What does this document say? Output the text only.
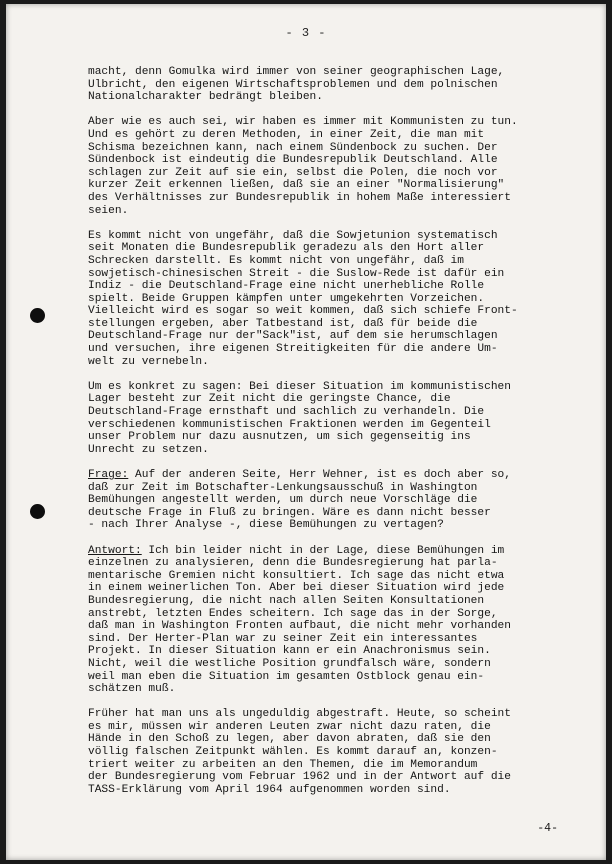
- 3 -
macht, denn Gomulka wird immer von seiner geographischen Lage,
Ulbricht, den eigenen Wirtschaftsproblemen und dem polnischen
Nationalcharakter bedrängt bleiben.
Aber wie es auch sei, wir haben es immer mit Kommunisten zu tun.
Und es gehört zu deren Methoden, in einer Zeit, die man mit
Schisma bezeichnen kann, nach einem Sündenbock zu suchen. Der
Sündenbock ist eindeutig die Bundesrepublik Deutschland. Alle
schlagen zur Zeit auf sie ein, selbst die Polen, die noch vor
kurzer Zeit erkennen ließen, daß sie an einer "Normalisierung"
des Verhältnisses zur Bundesrepublik in hohem Maße interessiert
seien.
Es kommt nicht von ungefähr, daß die Sowjetunion systematisch
seit Monaten die Bundesrepublik geradezu als den Hort aller
Schrecken darstellt. Es kommt nicht von ungefähr, daß im
sowjetisch-chinesischen Streit - die Suslow-Rede ist dafür ein
Indiz - die Deutschland-Frage eine nicht unerhebliche Rolle
spielt. Beide Gruppen kämpfen unter umgekehrten Vorzeichen.
Vielleicht wird es sogar so weit kommen, daß sich schiefe Front-
stellungen ergeben, aber Tatbestand ist, daß für beide die
Deutschland-Frage nur der"Sack"ist, auf dem sie herumschlagen
und versuchen, ihre eigenen Streitigkeiten für die andere Um-
welt zu vernebeln.
Um es konkret zu sagen: Bei dieser Situation im kommunistischen
Lager besteht zur Zeit nicht die geringste Chance, die
Deutschland-Frage ernsthaft und sachlich zu verhandeln. Die
verschiedenen kommunistischen Fraktionen werden im Gegenteil
unser Problem nur dazu ausnutzen, um sich gegenseitig ins
Unrecht zu setzen.
Frage: Auf der anderen Seite, Herr Wehner, ist es doch aber so,
daß zur Zeit im Botschafter-Lenkungsausschuß in Washington
Bemühungen angestellt werden, um durch neue Vorschläge die
deutsche Frage in Fluß zu bringen. Wäre es dann nicht besser
- nach Ihrer Analyse -, diese Bemühungen zu vertagen?
Antwort: Ich bin leider nicht in der Lage, diese Bemühungen im
einzelnen zu analysieren, denn die Bundesregierung hat parla-
mentarische Gremien nicht konsultiert. Ich sage das nicht etwa
in einem weinerlichen Ton. Aber bei dieser Situation wird jede
Bundesregierung, die nicht nach allen Seiten Konsultationen
anstrebt, letzten Endes scheitern. Ich sage das in der Sorge,
daß man in Washington Fronten aufbaut, die nicht mehr vorhanden
sind. Der Herter-Plan war zu seiner Zeit ein interessantes
Projekt. In dieser Situation kann er ein Anachronismus sein.
Nicht, weil die westliche Position grundfalsch wäre, sondern
weil man eben die Situation im gesamten Ostblock genau ein-
schätzen muß.
Früher hat man uns als ungeduldig abgestraft. Heute, so scheint
es mir, müssen wir anderen Leuten zwar nicht dazu raten, die
Hände in den Schoß zu legen, aber davon abraten, daß sie den
völlig falschen Zeitpunkt wählen. Es kommt darauf an, konzen-
triert weiter zu arbeiten an den Themen, die im Memorandum
der Bundesregierung vom Februar 1962 und in der Antwort auf die
TASS-Erklärung vom April 1964 aufgenommen worden sind.
-4-
